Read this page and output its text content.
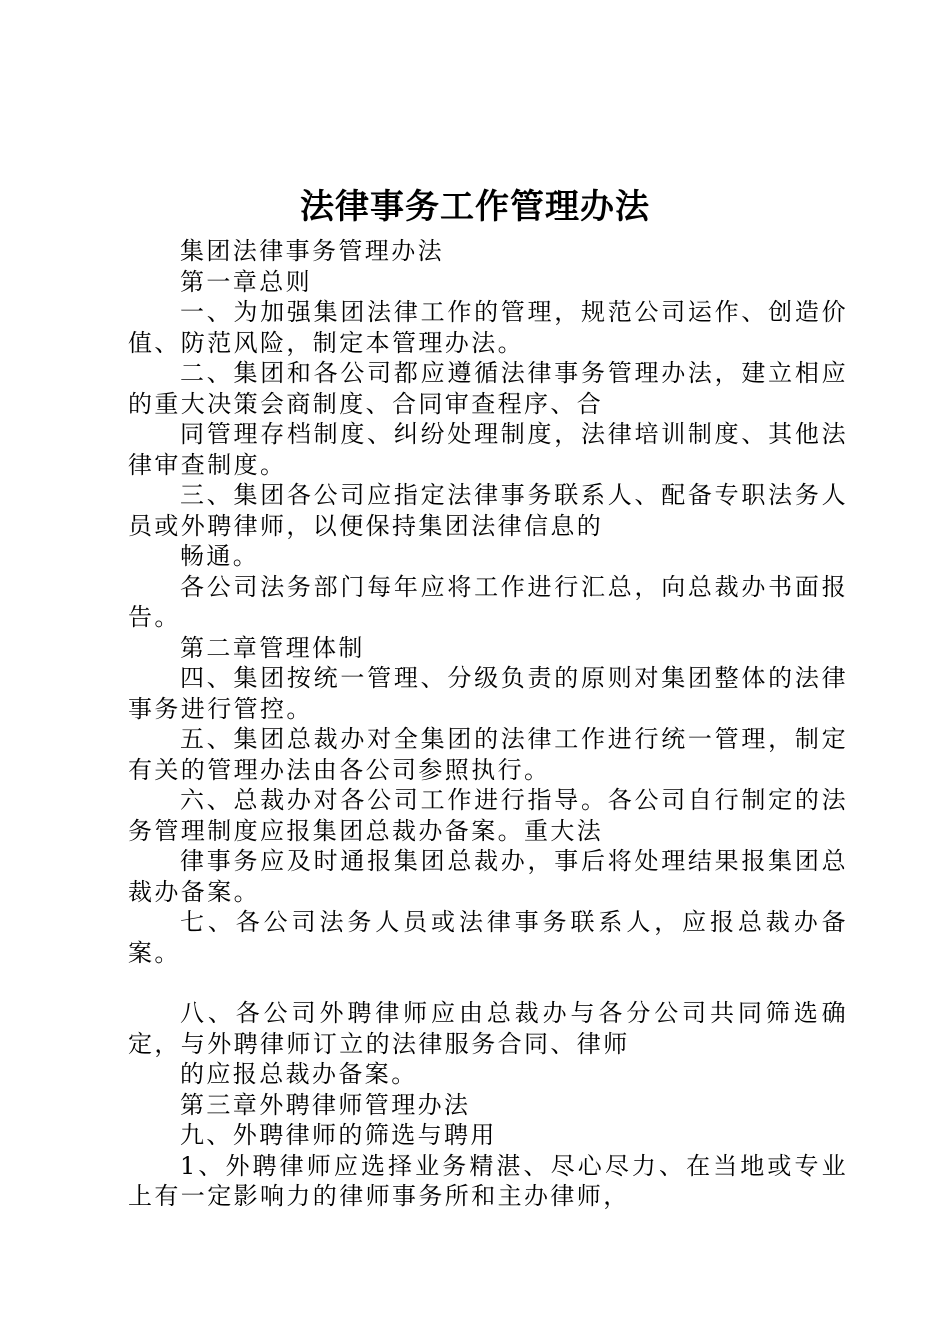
法律事务工作管理办法

集团法律事务管理办法

第一章总则

一、为加强集团法律工作的管理，规范公司运作、创造价值、防范风险，制定本管理办法。

二、集团和各公司都应遵循法律事务管理办法，建立相应的重大决策会商制度、合同审查程序、合

同管理存档制度、纠纷处理制度，法律培训制度、其他法律审查制度。

三、集团各公司应指定法律事务联系人、配备专职法务人员或外聘律师，以便保持集团法律信息的

畅通。

各公司法务部门每年应将工作进行汇总，向总裁办书面报告。

第二章管理体制

四、集团按统一管理、分级负责的原则对集团整体的法律事务进行管控。

五、集团总裁办对全集团的法律工作进行统一管理，制定有关的管理办法由各公司参照执行。

六、总裁办对各公司工作进行指导。各公司自行制定的法务管理制度应报集团总裁办备案。重大法

律事务应及时通报集团总裁办，事后将处理结果报集团总裁办备案。

七、各公司法务人员或法律事务联系人，应报总裁办备案。

八、各公司外聘律师应由总裁办与各分公司共同筛选确定，与外聘律师订立的法律服务合同、律师

的应报总裁办备案。

第三章外聘律师管理办法

九、外聘律师的筛选与聘用

1、外聘律师应选择业务精湛、尽心尽力、在当地或专业上有一定影响力的律师事务所和主办律师，
